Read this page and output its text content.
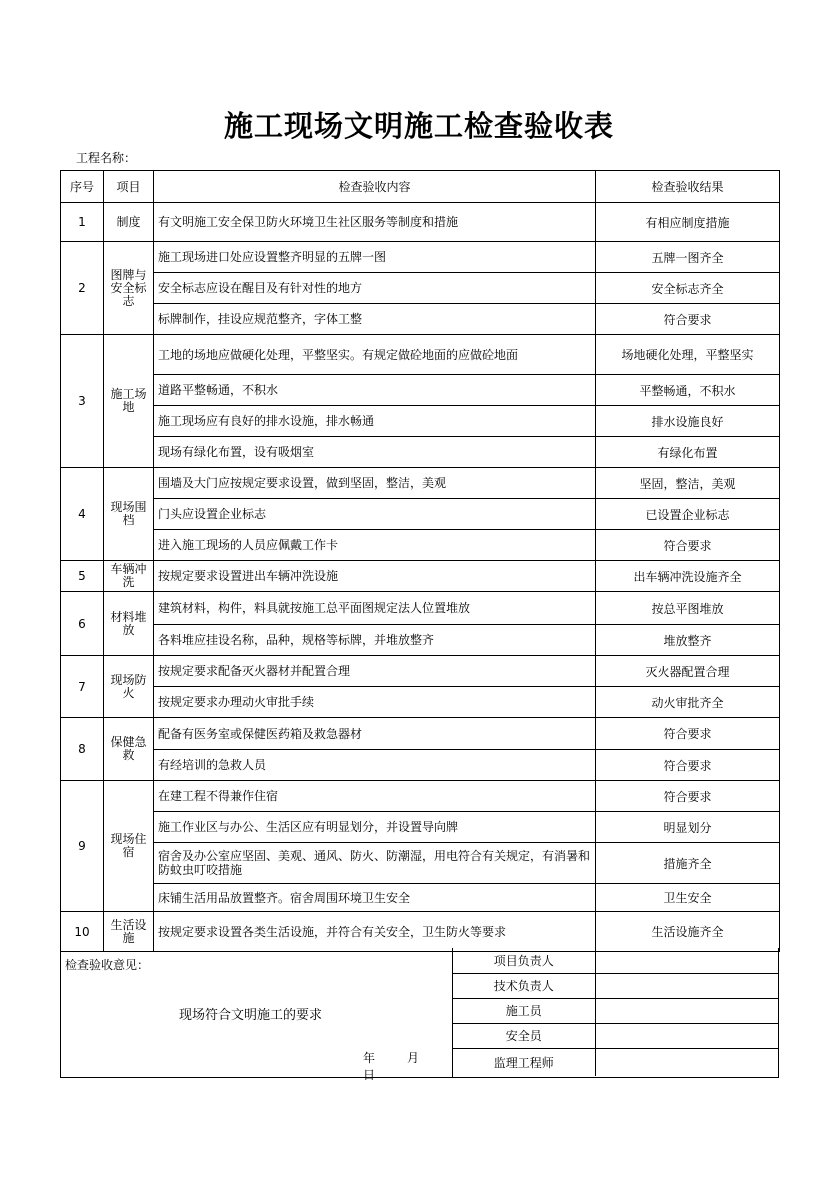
施工现场文明施工检查验收表
工程名称：
序号	项目	检查验收内容	检查验收结果
1	制度	有文明施工安全保卫防火环境卫生社区服务等制度和措施	有相应制度措施
2	图牌与安全标志	施工现场进口处应设置整齐明显的五牌一图	五牌一图齐全
		安全标志应设在醒目及有针对性的地方	安全标志齐全
		标牌制作，挂设应规范整齐，字体工整	符合要求
3	施工场地	工地的场地应做硬化处理，平整坚实。有规定做砼地面的应做砼地面	场地硬化处理，平整坚实
		道路平整畅通，不积水	平整畅通，不积水
		施工现场应有良好的排水设施，排水畅通	排水设施良好
		现场有绿化布置，设有吸烟室	有绿化布置
4	现场围档	围墙及大门应按规定要求设置，做到坚固，整洁，美观	坚固，整洁，美观
		门头应设置企业标志	已设置企业标志
		进入施工现场的人员应佩戴工作卡	符合要求
5	车辆冲洗	按规定要求设置进出车辆冲洗设施	出车辆冲洗设施齐全
6	材料堆放	建筑材料，构件，料具就按施工总平面图规定法人位置堆放	按总平图堆放
		各料堆应挂设名称，品种，规格等标牌，并堆放整齐	堆放整齐
7	现场防火	按规定要求配备灭火器材并配置合理	灭火器配置合理
		按规定要求办理动火审批手续	动火审批齐全
8	保健急救	配备有医务室或保健医药箱及救急器材	符合要求
		有经培训的急救人员	符合要求
9	现场住宿	在建工程不得兼作住宿	符合要求
		施工作业区与办公、生活区应有明显划分，并设置导向牌	明显划分
		宿舍及办公室应坚固、美观、通风、防火、防潮湿，用电符合有关规定，有消暑和防蚊虫叮咬措施	措施齐全
		床铺生活用品放置整齐。宿舍周围环境卫生安全	卫生安全
10	生活设施	按规定要求设置各类生活设施，并符合有关安全，卫生防火等要求	生活设施齐全
检查验收意见：
现场符合文明施工的要求
年	月日
项目负责人	
技术负责人	
施工员	
安全员	
监理工程师	
